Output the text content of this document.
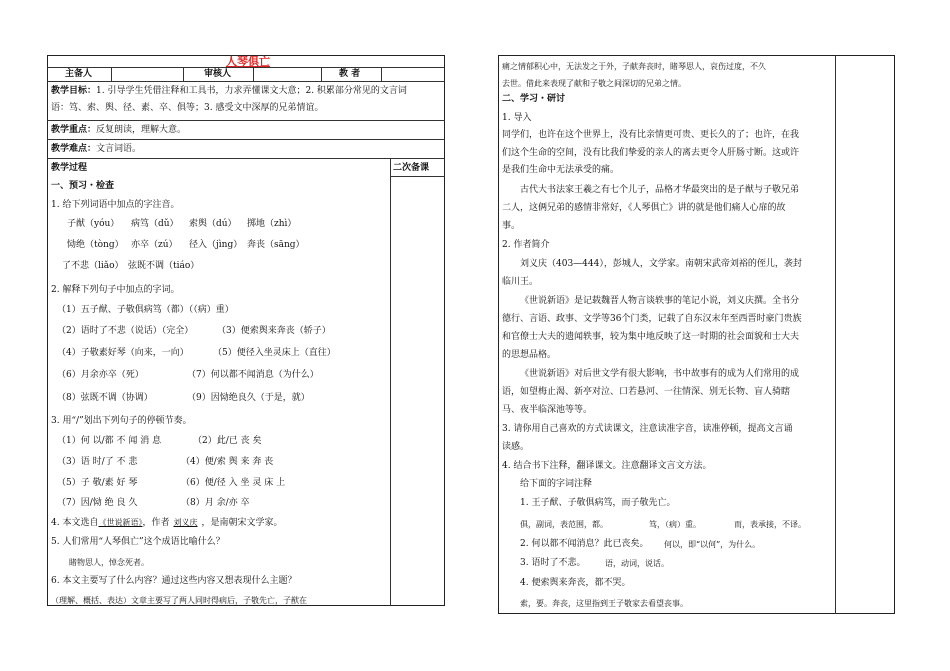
人琴俱亡
主备人	审核人	教 者
教学目标：1. 引导学生凭借注释和工具书，力求弄懂课文大意；2. 积累部分常见的文言词
语：笃、索、舆、径、素、卒、俱等；3. 感受文中深厚的兄弟情谊。
教学重点：反复朗读，理解大意。
教学难点：文言词语。
教学过程	二次备课
一、预习・检查
1. 给下列词语中加点的字注音。
子猷（yóu） 病笃（dǔ） 索舆（dú） 掷地（zhì）
恸绝（tòng） 亦卒（zú） 径入（jìng） 奔丧（sāng）
了不悲（liǎo） 弦既不调（tiáo）
2. 解释下列句子中加点的字词。
（1）五子猷、子敬俱病笃（都）（（病）重）
（2）语时了不悲（说话）（完全）	（3）便索舆来奔丧（轿子）
（4）子敬素好琴（向来，一向）	（5）便径入坐灵床上（直往）
（6）月余亦卒（死）	（7）何以都不闻消息（为什么）
（8）弦既不调（协调）	（9）因恸绝良久（于是，就）
3. 用“/”划出下列句子的停顿节奏。
（1）何 以/都 不 闻 消 息	（2）此/已 丧 矣
（3）语 时/了 不 悲	（4）便/索 舆 来 奔 丧
（5）子 敬/素 好 琴	（6）便/径 入 坐 灵 床 上
（7）因/恸 绝 良 久	（8）月 余/亦 卒
4. 本文选自《世说新语》，作者 刘义庆 ，是南朝宋文学家。
5. 人们常用“人琴俱亡”这个成语比喻什么？
睹物思人，悼念死者。
6. 本文主要写了什么内容？通过这些内容又想表现什么主题？
（理解、概括、表达）文章主要写了两人同时得病后，子敬先亡，子猷在
痛之情郁积心中，无法发之于外，子献奔丧时，睹琴思人，哀伤过度，不久
去世。借此来表现了献和子敬之间深切的兄弟之情。
二、学习・研讨
1. 导入
同学们，也许在这个世界上，没有比亲情更可贵、更长久的了；也许，在我
们这个生命的空间，没有比我们挚爱的亲人的离去更令人肝肠寸断。这或许
是我们生命中无法承受的痛。
古代大书法家王羲之有七个儿子，品格才华最突出的是子猷与子敬兄弟
二人，这俩兄弟的感情非常好，《人琴俱亡》讲的就是他们痛人心扉的故
事。
2. 作者简介
刘义庆（403—444），彭城人，文学家。南朝宋武帝刘裕的侄儿，袭封
临川王。
《世说新语》是记载魏晋人物言谈轶事的笔记小说，刘义庆撰。全书分
德行、言语、政事、文学等36个门类，记载了自东汉末年至西晋时豪门贵族
和官僚士大夫的遗闻轶事，较为集中地反映了这一时期的社会面貌和士大夫
的思想品格。
《世说新语》对后世文学有很大影响，书中故事有的成为人们常用的成
语，如望梅止渴、新亭对泣、口若悬河、一往情深、别无长物、盲人骑瞎
马、夜半临深池等等。
3. 请你用自己喜欢的方式读课文，注意读准字音，读准停顿，提高文言诵
读感。
4. 结合书下注释，翻译课文。注意翻译文言文方法。
给下面的字词注释
1. 王子猷、子敬俱病笃，而子敬先亡。
俱，副词，表范围，都。	笃，（病）重。	而，表承接，不译。
2. 何以都不闻消息？此已丧矣。 何以，即“以何”，为什么。
3. 语时了不悲。 语，动词，说话。
4. 便索舆来奔丧，都不哭。
索，要。奔丧，这里指到王子敬家去看望丧事。
